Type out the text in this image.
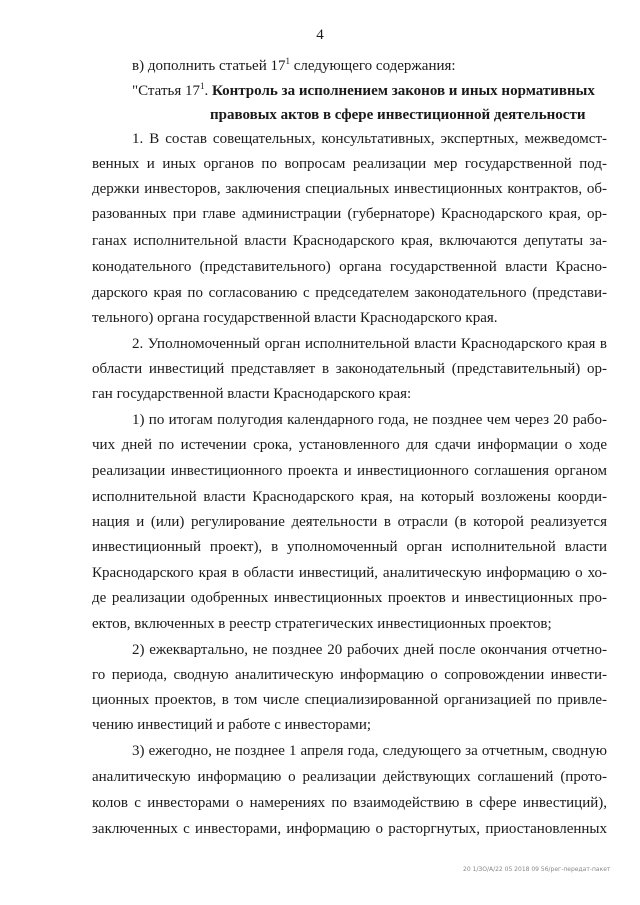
4
в) дополнить статьей $17^1$ следующего содержания:
"Статья $17^1$. Контроль за исполнением законов и иных нормативных
правовых актов в сфере инвестиционной деятельности
1. В состав совещательных, консультативных, экспертных, межведомст-
венных и иных органов по вопросам реализации мер государственной под-
держки инвесторов, заключения специальных инвестиционных контрактов, об-
разованных при главе администрации (губернаторе) Краснодарского края, ор-
ганах исполнительной власти Краснодарского края, включаются депутаты за-
конодательного (представительного) органа государственной власти Красно-
дарского края по согласованию с председателем законодательного (представи-
тельного) органа государственной власти Краснодарского края.
2. Уполномоченный орган исполнительной власти Краснодарского края в
области инвестиций представляет в законодательный (представительный) ор-
ган государственной власти Краснодарского края:
1) по итогам полугодия календарного года, не позднее чем через 20 рабо-
чих дней по истечении срока, установленного для сдачи информации о ходе
реализации инвестиционного проекта и инвестиционного соглашения органом
исполнительной власти Краснодарского края, на который возложены коорди-
нация и (или) регулирование деятельности в отрасли (в которой реализуется
инвестиционный проект), в уполномоченный орган исполнительной власти
Краснодарского края в области инвестиций, аналитическую информацию о хо-
де реализации одобренных инвестиционных проектов и инвестиционных про-
ектов, включенных в реестр стратегических инвестиционных проектов;
2) ежеквартально, не позднее 20 рабочих дней после окончания отчетно-
го периода, сводную аналитическую информацию о сопровождении инвести-
ционных проектов, в том числе специализированной организацией по привле-
чению инвестиций и работе с инвесторами;
3) ежегодно, не позднее 1 апреля года, следующего за отчетным, сводную
аналитическую информацию о реализации действующих соглашений (прото-
колов с инвесторами о намерениях по взаимодействию в сфере инвестиций),
заключенных с инвесторами, информацию о расторгнутых, приостановленных
20 1/ЗО/А/22 05 2018 09 56/рег-передат-пакет
